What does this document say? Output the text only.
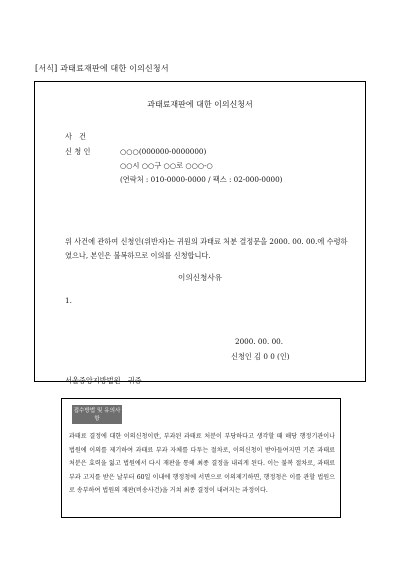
[서식] 과태료재판에 대한 이의신청서
과태료재판에 대한 이의신청서
사　건
신 청 인	○○○(000000-0000000)
○○시 ○○구 ○○로 ○○○-○
(연락처 : 010-0000-0000 / 팩스 : 02-000-0000)
위 사건에 관하여 신청인(위반자)는 귀원의 과태료 처분 결정문을 2000. 00. 00.에 수령하였으나, 본인은 불복하므로 이의를 신청합니다.
이의신청사유
1.
2000. 00. 00.
신청인 김 0 0 (인)
서울중앙지방법원　귀중
접수방법 및 유의사항
과태료 결정에 대한 이의신청이란, 부과된 과태료 처분이 부당하다고 생각할 때 해당 행정기관이나 법원에 이의를 제기하여 과태료 부과 자체를 다투는 절차로, 이의신청이 받아들여지면 기존 과태료 처분은 효력을 잃고 법원에서 다시 재판을 통해 최종 결정을 내리게 된다. 이는 불복 절차로, 과태료 부과 고지를 받은 날부터 60일 이내에 행정청에 서면으로 이의제기하면, 행정청은 이를 관할 법원으로 송부하여 법원의 재판(비송사건)을 거쳐 최종 결정이 내려지는 과정이다.
